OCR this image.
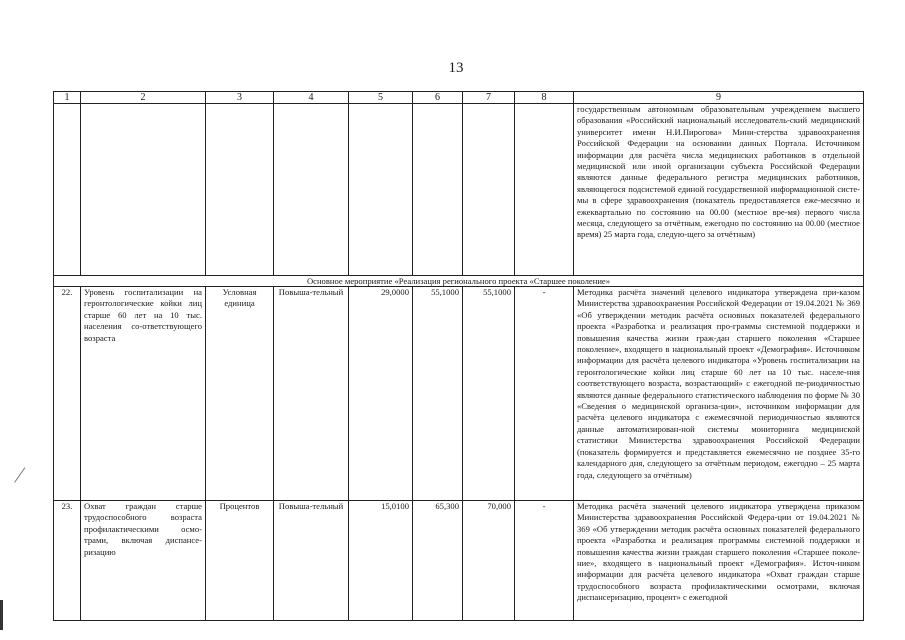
13
1	2	3	4	5	6	7	8	9
								государственным автономным образовательным учреждением высшего образования «Российский национальный исследователь-ский медицинский университет имени Н.И.Пирогова» Мини-стерства здравоохранения Российской Федерации на основании данных Портала. Источником информации для расчёта числа медицинских работников в отдельной медицинской или иной организации субъекта Российской Федерации являются данные федерального регистра медицинских работников, являющегося подсистемой единой государственной информационной систе-мы в сфере здравоохранения (показатель предоставляется еже-месячно и ежеквартально по состоянию на 00.00 (местное вре-мя) первого числа месяца, следующего за отчётным, ежегодно по состоянию на 00.00 (местное время) 25 марта года, следую-щего за отчётным)
Основное мероприятие «Реализация регионального проекта «Старшее поколение»								
22.	Уровень госпитализации на геронтологические койки лиц старше 60 лет на 10 тыс. населения со-ответствующего возраста	Условная единица	Повыша-тельный	29,0000	55,1000	55,1000	-	Методика расчёта значений целевого индикатора утверждена при-казом Министерства здравоохранения Российской Федерации от 19.04.2021 № 369 «Об утверждении методик расчёта основных показателей федерального проекта «Разработка и реализация про-граммы системной поддержки и повышения качества жизни граж-дан старшего поколения «Старшее поколение», входящего в национальный проект «Демография». Источником информации для расчёта целевого индикатора «Уровень госпитализации на геронтологические койки лиц старше 60 лет на 10 тыс. населе-ния соответствующего возраста, возрастающий» с ежегодной пе-риодичностью являются данные федерального статистического наблюдения по форме № 30 «Сведения о медицинской организа-ции», источником информации для расчёта целевого индикатора с ежемесячной периодичностью являются данные автоматизирован-ной системы мониторинга медицинской статистики Министерства здравоохранения Российской Федерации (показатель формируется и представляется ежемесячно не позднее 35-го календарного дня, следующего за отчётным периодом, ежегодно – 25 марта года, следующего за отчётным)
23.	Охват граждан старше трудоспособного возраста профилактическими осмо-трами, включая диспансе-ризацию	Процентов	Повыша-тельный	15,0100	65,300	70,000	-	Методика расчёта значений целевого индикатора утверждена приказом Министерства здравоохранения Российской Федера-ции от 19.04.2021 № 369 «Об утверждении методик расчёта основных показателей федерального проекта «Разработка и реализация программы системной поддержки и повышения качества жизни граждан старшего поколения «Старшее поколе-ние», входящего в национальный проект «Демография». Источ-ником информации для расчёта целевого индикатора «Охват граждан старше трудоспособного возраста профилактическими осмотрами, включая диспансеризацию, процент» с ежегодной
